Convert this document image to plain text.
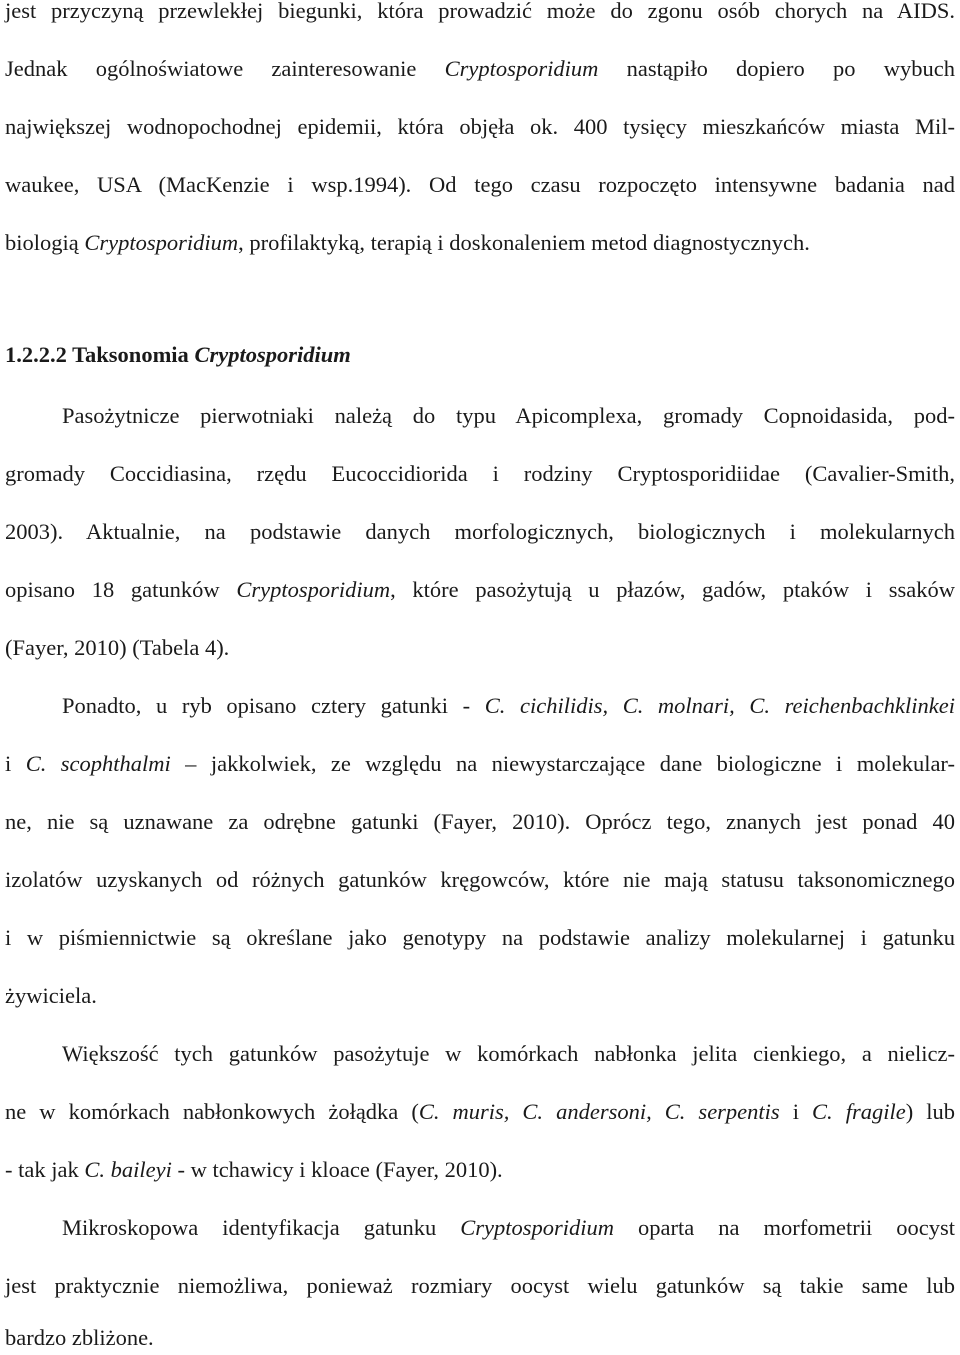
jest przyczyną przewlekłej biegunki, która prowadzić może do zgonu osób chorych na AIDS.
Jednak ogólnoświatowe zainteresowanie Cryptosporidium nastąpiło dopiero po wybuch
największej wodnopochodnej epidemii, która objęła ok. 400 tysięcy mieszkańców miasta Mil-
waukee, USA (MacKenzie i wsp.1994). Od tego czasu rozpoczęto intensywne badania nad
biologią Cryptosporidium, profilaktyką, terapią i doskonaleniem metod diagnostycznych.
1.2.2.2 Taksonomia Cryptosporidium
Pasożytnicze pierwotniaki należą do typu Apicomplexa, gromady Copnoidasida, pod-
gromady Coccidiasina, rzędu Eucoccidiorida i rodziny Cryptosporidiidae (Cavalier-Smith,
2003). Aktualnie, na podstawie danych morfologicznych, biologicznych i molekularnych
opisano 18 gatunków Cryptosporidium, które pasożytują u płazów, gadów, ptaków i ssaków
(Fayer, 2010) (Tabela 4).
Ponadto, u ryb opisano cztery gatunki - C. cichilidis, C. molnari, C. reichenbachklinkei
i C. scophthalmi – jakkolwiek, ze względu na niewystarczające dane biologiczne i molekular-
ne, nie są uznawane za odrębne gatunki (Fayer, 2010). Oprócz tego, znanych jest ponad 40
izolatów uzyskanych od różnych gatunków kręgowców, które nie mają statusu taksonomicznego
i w piśmiennictwie są określane jako genotypy na podstawie analizy molekularnej i gatunku
żywiciela.
Większość tych gatunków pasożytuje w komórkach nabłonka jelita cienkiego, a nielicz-
ne w komórkach nabłonkowych żołądka (C. muris, C. andersoni, C. serpentis i C. fragile) lub
- tak jak C. baileyi - w tchawicy i kloace (Fayer, 2010).
Mikroskopowa identyfikacja gatunku Cryptosporidium oparta na morfometrii oocyst
jest praktycznie niemożliwa, ponieważ rozmiary oocyst wielu gatunków są takie same lub
bardzo zbliżone.
